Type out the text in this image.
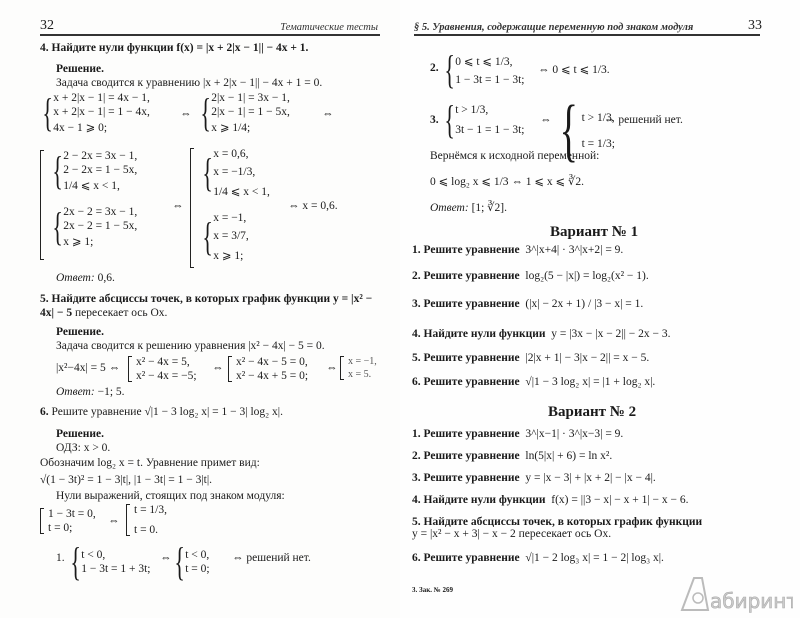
32	Тематические тесты
4. Найдите нули функции f(x) = |x + 2|x − 1|| − 4x + 1.
Решение.
Задача сводится к уравнению |x + 2|x − 1|| − 4x + 1 = 0.
{ x + 2|x − 1| = 4x − 1,
x + 2|x − 1| = 1 − 4x,
4x − 1 ⩾ 0;
⇔ { 2|x − 1| = 3x − 1,
2|x − 1| = 1 − 5x,
x ⩾ 1/4;
⇔
{ 2 − 2x = 3x − 1,
2 − 2x = 1 − 5x,
1/4 ⩽ x < 1,
{ 2x − 2 = 3x − 1,
2x − 2 = 1 − 5x,
x ⩾ 1;
⇔
{ x = 0,6,
x = −1/3,
1/4 ⩽ x < 1,
{ x = −1,
x = 3/7,
x ⩾ 1;
⇔ x = 0,6.
Ответ: 0,6.
5. Найдите абсциссы точек, в которых график функции y = |x² − 4x| − 5 пересекает ось Ox.
Решение.
Задача сводится к решению уравнения |x² − 4x| − 5 = 0.
|x²−4x| = 5 ⇔ x² − 4x = 5,
x² − 4x = −5;
⇔ x² − 4x − 5 = 0,
x² − 4x + 5 = 0;
⇔
x = −1,
x = 5.
Ответ: −1; 5.
6. Решите уравнение √|1 − 3 log₂ x| = 1 − 3| log₂ x|.
Решение.
ОДЗ: x > 0.
Обозначим log₂ x = t. Уравнение примет вид:
√(1 − 3t)² = 1 − 3|t|, |1 − 3t| = 1 − 3|t|.
Нули выражений, стоящих под знаком модуля:
1 − 3t = 0,
t = 0;
⇔
t = 1/3,
t = 0.
1. { t < 0,
1 − 3t = 1 + 3t;
⇔ { t < 0,
t = 0;
⇔ решений нет.
§ 5. Уравнения, содержащие переменную под знаком модуля	33
2. { 0 ⩽ t ⩽ 1/3,
1 − 3t = 1 − 3t;
⇔ 0 ⩽ t ⩽ 1/3.
3. { t > 1/3,
3t − 1 = 1 − 3t;
⇔ { t > 1/3,
t = 1/3;
⇔ решений нет.
Вернёмся к исходной переменной:
0 ⩽ log₂ x ⩽ 1/3 ⇔ 1 ⩽ x ⩽ ∛2.
Ответ: [1; ∛2].
Вариант № 1
1. Решите уравнение 3^|x+4| · 3^|x+2| = 9.
2. Решите уравнение log₂(5 − |x|) = log₂(x² − 1).
3. Решите уравнение (|x| − 2x + 1) / |3 − x| = 1.
4. Найдите нули функции y = |3x − |x − 2|| − 2x − 3.
5. Решите уравнение |2|x + 1| − 3|x − 2|| = x − 5.
6. Решите уравнение √|1 − 3 log₂ x| = |1 + log₂ x|.
Вариант № 2
1. Решите уравнение 3^|x−1| · 3^|x−3| = 9.
2. Решите уравнение ln(5|x| + 6) = ln x².
3. Решите уравнение y = |x − 3| + |x + 2| − |x − 4|.
4. Найдите нули функции f(x) = ||3 − x| − x + 1| − x − 6.
5. Найдите абсциссы точек, в которых график функции
y = |x² − x + 3| − x − 2 пересекает ось Ox.
6. Решите уравнение √|1 − 2 log₃ x| = 1 − 2| log₃ x|.
3. Зак. № 269	абиринт
